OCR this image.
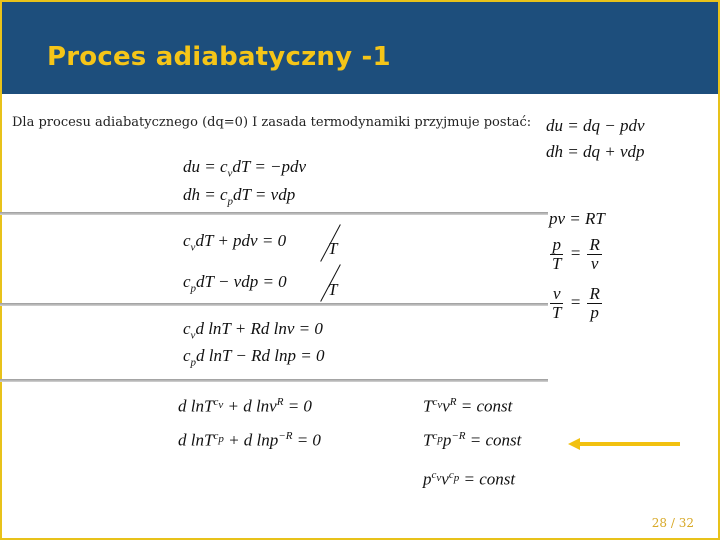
Proces adiabatyczny -1
Dla procesu adiabatycznego (dq=0) I zasada termodynamiki przyjmuje postać: du = dq − pdv
dh = dq + vdp
du = $c_vdT = -pdv$
dh = $c_pdT$ = vdp
pv = RT
$\frac{p}{T} = \frac{R}{v}$
$\frac{v}{T} = \frac{R}{p}$
$c_vdT$ + pdv = 0 T
$c_pdT$ − vdp = 0 T
$c_vd$ lnT + Rd lnv = 0
$c_pd$ lnT − Rd lnp = 0
d lnT$^{c_v}$ + d lnv$^R$ = 0
d lnT$^{c_p}$ + d lnp$^{-R}$ = 0
$T^{c_v}v^R$ = const
$T^{c_p}p^{-R}$ = const
$p^{c_v}v^{c_p}$ = const
28 / 32
